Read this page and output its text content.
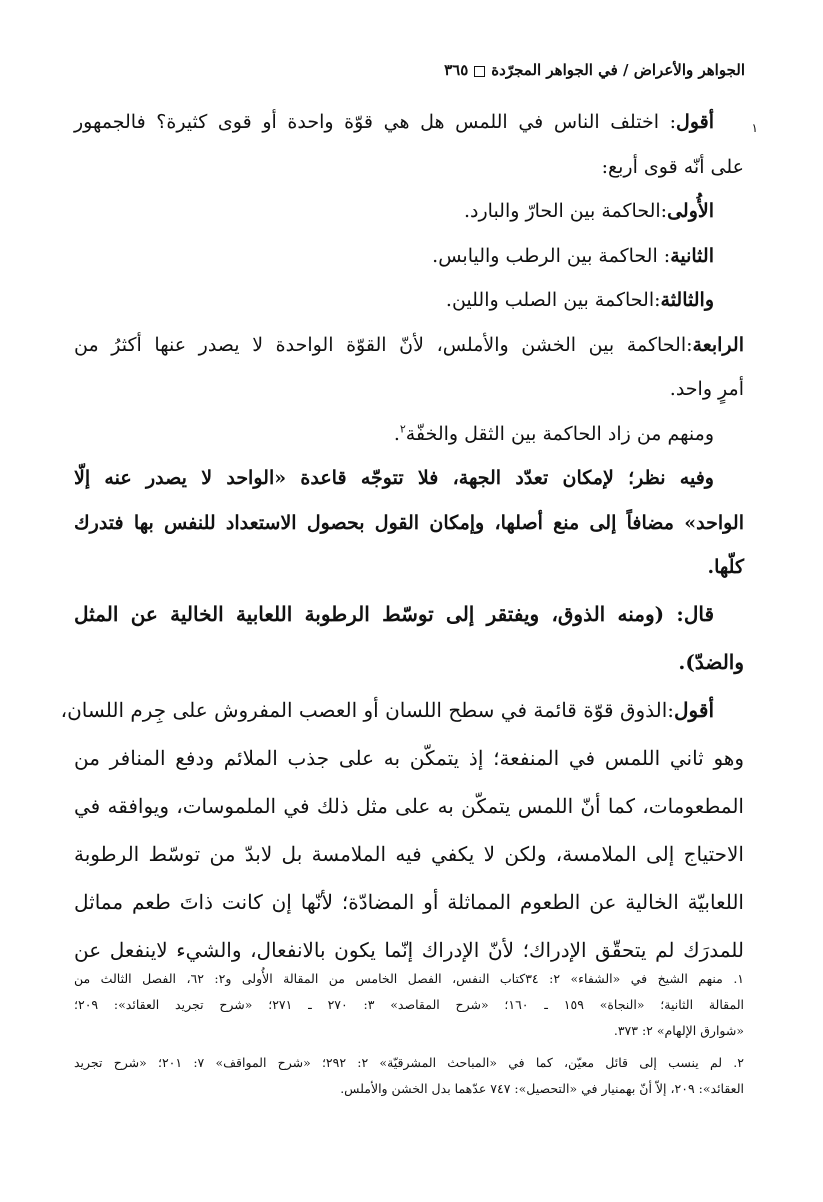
الجواهر والأعراض / في الجواهر المجرّدة٣٦٥

١
أقول: اختلف الناس في اللمس هل هي قوّة واحدة أو قوى كثيرة؟ فالجمهور

على أنّه قوى أربع:

الأُولى:الحاكمة بين الحارّ والبارد.

الثانية: الحاكمة بين الرطب واليابس.

والثالثة:الحاكمة بين الصلب واللين.

الرابعة:الحاكمة بين الخشن والأملس، لأنّ القوّة الواحدة لا يصدر عنها أكثرُ من

أمرٍ واحد.

ومنهم من زاد الحاكمة بين الثقل والخفّة$^٢$.

وفيه نظر؛ لإمكان تعدّد الجهة، فلا تتوجّه قاعدة «الواحد لا يصدر عنه إلّا

الواحد» مضافاً إلى منع أصلها، وإمكان القول بحصول الاستعداد للنفس بها فتدرك

كلّها.

قال: (ومنه الذوق، ويفتقر إلى توسّط الرطوبة اللعابية الخالية عن المثل

والضدّ).

أقول:الذوق قوّة قائمة في سطح اللسان أو العصب المفروش على جِرم اللسان،

وهو ثاني اللمس في المنفعة؛ إذ يتمكّن به على جذب الملائم ودفع المنافر من

المطعومات، كما أنّ اللمس يتمكّن به على مثل ذلك في الملموسات، ويوافقه في

الاحتياج إلى الملامسة، ولكن لا يكفي فيه الملامسة بل لابدّ من توسّط الرطوبة

اللعابيّة الخالية عن الطعوم المماثلة أو المضادّة؛ لأنّها إن كانت ذاتَ طعم مماثل

للمدرَك لم يتحقّق الإدراك؛ لأنّ الإدراك إنّما يكون بالانفعال، والشيء لاينفعل عن

١. منهم الشيخ في «الشفاء» ٢: ٣٤كتاب النفس، الفصل الخامس من المقالة الأُولى و٢: ٦٢، الفصل الثالث من

المقالة الثانية؛ «النجاة» ١٥٩ ـ ١٦٠؛ «شرح المقاصد» ٣: ٢٧٠ ـ ٢٧١؛ «شرح تجريد العقائد»: ٢٠٩؛

«شوارق الإلهام» ٢: ٣٧٣.

٢. لم ينسب إلى قائل معيّن، كما في «المباحث المشرقيّة» ٢: ٢٩٢؛ «شرح المواقف» ٧: ٢٠١؛ «شرح تجريد

العقائد»: ٢٠٩، إلاّ أنّ بهمنيار في «التحصيل»: ٧٤٧ عدّهما بدل الخشن والأملس.
